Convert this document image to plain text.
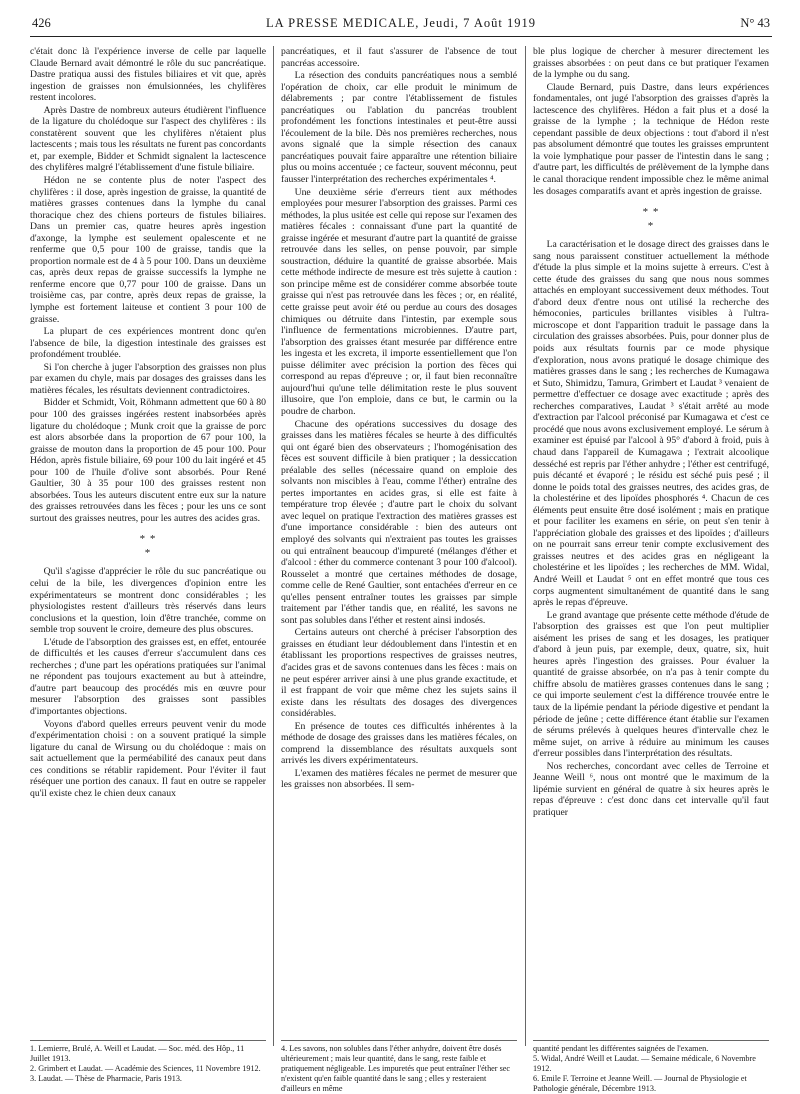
426	LA PRESSE MEDICALE, Jeudi, 7 Août 1919	N° 43

c'était donc là l'expérience inverse de celle par laquelle Claude Bernard avait démontré le rôle du suc pancréatique. Dastre pratiqua aussi des fistules biliaires et vit que, après ingestion de graisses non émulsionnées, les chylifères restent incolores.

Après Dastre de nombreux auteurs étudièrent l'influence de la ligature du cholédoque sur l'aspect des chylifères : ils constatèrent souvent que les chylifères n'étaient plus lactescents ; mais tous les résultats ne furent pas concordants et, par exemple, Bidder et Schmidt signalent la lactescence des chylifères malgré l'établissement d'une fistule biliaire.

Hédon ne se contente plus de noter l'aspect des chylifères : il dose, après ingestion de graisse, la quantité de matières grasses contenues dans la lymphe du canal thoracique chez des chiens porteurs de fistules biliaires. Dans un premier cas, quatre heures après ingestion d'axonge, la lymphe est seulement opalescente et ne renferme que 0,5 pour 100 de graisse, tandis que la proportion normale est de 4 à 5 pour 100. Dans un deuxième cas, après deux repas de graisse successifs la lymphe ne renferme encore que 0,77 pour 100 de graisse. Dans un troisième cas, par contre, après deux repas de graisse, la lymphe est fortement laiteuse et contient 3 pour 100 de graisse.

La plupart de ces expériences montrent donc qu'en l'absence de bile, la digestion intestinale des graisses est profondément troublée.

Si l'on cherche à juger l'absorption des graisses non plus par examen du chyle, mais par dosages des graisses dans les matières fécales, les résultats deviennent contradictoires.

Bidder et Schmidt, Voit, Röhmann admettent que 60 à 80 pour 100 des graisses ingérées restent inabsorbées après ligature du cholédoque ; Munk croit que la graisse de porc est alors absorbée dans la proportion de 67 pour 100, la graisse de mouton dans la proportion de 45 pour 100. Pour Hédon, après fistule biliaire, 69 pour 100 du lait ingéré et 45 pour 100 de l'huile d'olive sont absorbés. Pour René Gaultier, 30 à 35 pour 100 des graisses restent non absorbées. Tous les auteurs discutent entre eux sur la nature des graisses retrouvées dans les fèces ; pour les uns ce sont surtout des graisses neutres, pour les autres des acides gras.

* *
*

Qu'il s'agisse d'apprécier le rôle du suc pancréatique ou celui de la bile, les divergences d'opinion entre les expérimentateurs se montrent donc considérables ; les physiologistes restent d'ailleurs très réservés dans leurs conclusions et la question, loin d'être tranchée, comme on semble trop souvent le croire, demeure des plus obscures.

L'étude de l'absorption des graisses est, en effet, entourée de difficultés et les causes d'erreur s'accumulent dans ces recherches ; d'une part les opérations pratiquées sur l'animal ne répondent pas toujours exactement au but à atteindre, d'autre part beaucoup des procédés mis en œuvre pour mesurer l'absorption des graisses sont passibles d'importantes objections.

Voyons d'abord quelles erreurs peuvent venir du mode d'expérimentation choisi : on a souvent pratiqué la simple ligature du canal de Wirsung ou du cholédoque : mais on sait actuellement que la perméabilité des canaux peut dans ces conditions se rétablir rapidement. Pour l'éviter il faut réséquer une portion des canaux. Il faut en outre se rappeler qu'il existe chez le chien deux canaux

pancréatiques, et il faut s'assurer de l'absence de tout pancréas accessoire.

La résection des conduits pancréatiques nous a semblé l'opération de choix, car elle produit le minimum de délabrements ; par contre l'établissement de fistules pancréatiques ou l'ablation du pancréas troublent profondément les fonctions intestinales et peut-être aussi l'écoulement de la bile. Dès nos premières recherches, nous avons signalé que la simple résection des canaux pancréatiques pouvait faire apparaître une rétention biliaire plus ou moins accentuée ; ce facteur, souvent méconnu, peut fausser l'interprétation des recherches expérimentales ⁴.

Une deuxième série d'erreurs tient aux méthodes employées pour mesurer l'absorption des graisses. Parmi ces méthodes, la plus usitée est celle qui repose sur l'examen des matières fécales : connaissant d'une part la quantité de graisse ingérée et mesurant d'autre part la quantité de graisse retrouvée dans les selles, on pense pouvoir, par simple soustraction, déduire la quantité de graisse absorbée. Mais cette méthode indirecte de mesure est très sujette à caution : son principe même est de considérer comme absorbée toute graisse qui n'est pas retrouvée dans les fèces ; or, en réalité, cette graisse peut avoir été ou perdue au cours des dosages chimiques ou détruite dans l'intestin, par exemple sous l'influence de fermentations microbiennes. D'autre part, l'absorption des graisses étant mesurée par différence entre les ingesta et les excreta, il importe essentiellement que l'on puisse délimiter avec précision la portion des fèces qui correspond au repas d'épreuve ; or, il faut bien reconnaître aujourd'hui qu'une telle délimitation reste le plus souvent illusoire, que l'on emploie, dans ce but, le carmin ou la poudre de charbon.

Chacune des opérations successives du dosage des graisses dans les matières fécales se heurte à des difficultés qui ont égaré bien des observateurs ; l'homogénisation des fèces est souvent difficile à bien pratiquer ; la dessiccation préalable des selles (nécessaire quand on emploie des solvants non miscibles à l'eau, comme l'éther) entraîne des pertes importantes en acides gras, si elle est faite à température trop élevée ; d'autre part le choix du solvant avec lequel on pratique l'extraction des matières grasses est d'une importance considérable : bien des auteurs ont employé des solvants qui n'extraient pas toutes les graisses ou qui entraînent beaucoup d'impureté (mélanges d'éther et d'alcool : éther du commerce contenant 3 pour 100 d'alcool). Rousselet a montré que certaines méthodes de dosage, comme celle de René Gaultier, sont entachées d'erreur en ce qu'elles pensent entraîner toutes les graisses par simple traitement par l'éther tandis que, en réalité, les savons ne sont pas solubles dans l'éther et restent ainsi indosés.

Certains auteurs ont cherché à préciser l'absorption des graisses en étudiant leur dédoublement dans l'intestin et en établissant les proportions respectives de graisses neutres, d'acides gras et de savons contenues dans les fèces : mais on ne peut espérer arriver ainsi à une plus grande exactitude, et il est frappant de voir que même chez les sujets sains il existe dans les résultats des dosages des divergences considérables.

En présence de toutes ces difficultés inhérentes à la méthode de dosage des graisses dans les matières fécales, on comprend la dissemblance des résultats auxquels sont arrivés les divers expérimentateurs.

L'examen des matières fécales ne permet de mesurer que les graisses non absorbées. Il sem-

ble plus logique de chercher à mesurer directement les graisses absorbées : on peut dans ce but pratiquer l'examen de la lymphe ou du sang.

Claude Bernard, puis Dastre, dans leurs expériences fondamentales, ont jugé l'absorption des graisses d'après la lactescence des chylifères. Hédon a fait plus et a dosé la graisse de la lymphe ; la technique de Hédon reste cependant passible de deux objections : tout d'abord il n'est pas absolument démontré que toutes les graisses empruntent la voie lymphatique pour passer de l'intestin dans le sang ; d'autre part, les difficultés de prélèvement de la lymphe dans le canal thoracique rendent impossible chez le même animal les dosages comparatifs avant et après ingestion de graisse.

* *
*

La caractérisation et le dosage direct des graisses dans le sang nous paraissent constituer actuellement la méthode d'étude la plus simple et la moins sujette à erreurs. C'est à cette étude des graisses du sang que nous nous sommes attachés en employant successivement deux méthodes. Tout d'abord deux d'entre nous ont utilisé la recherche des hémoconies, particules brillantes visibles à l'ultra-microscope et dont l'apparition traduit le passage dans la circulation des graisses absorbées. Puis, pour donner plus de poids aux résultats fournis par ce mode physique d'exploration, nous avons pratiqué le dosage chimique des matières grasses dans le sang ; les recherches de Kumagawa et Suto, Shimidzu, Tamura, Grimbert et Laudat ³ venaient de permettre d'effectuer ce dosage avec exactitude ; après des recherches comparatives, Laudat ³ s'était arrêté au mode d'extraction par l'alcool préconisé par Kumagawa et c'est ce procédé que nous avons exclusivement employé. Le sérum à examiner est épuisé par l'alcool à 95° d'abord à froid, puis à chaud dans l'appareil de Kumagawa ; l'extrait alcoolique desséché est repris par l'éther anhydre ; l'éther est centrifugé, puis décanté et évaporé ; le résidu est séché puis pesé ; il donne le poids total des graisses neutres, des acides gras, de la cholestérine et des lipoïdes phosphorés ⁴. Chacun de ces éléments peut ensuite être dosé isolément ; mais en pratique et pour faciliter les examens en série, on peut s'en tenir à l'appréciation globale des graisses et des lipoïdes ; d'ailleurs on ne pourrait sans erreur tenir compte exclusivement des graisses neutres et des acides gras en négligeant la cholestérine et les lipoïdes ; les recherches de MM. Widal, André Weill et Laudat ⁵ ont en effet montré que tous ces corps augmentent simultanément de quantité dans le sang après le repas d'épreuve.

Le grand avantage que présente cette méthode d'étude de l'absorption des graisses est que l'on peut multiplier aisément les prises de sang et les dosages, les pratiquer d'abord à jeun puis, par exemple, deux, quatre, six, huit heures après l'ingestion des graisses. Pour évaluer la quantité de graisse absorbée, on n'a pas à tenir compte du chiffre absolu de matières grasses contenues dans le sang ; ce qui importe seulement c'est la différence trouvée entre le taux de la lipémie pendant la période digestive et pendant la période de jeûne ; cette différence étant établie sur l'examen de sérums prélevés à quelques heures d'intervalle chez le même sujet, on arrive à réduire au minimum les causes d'erreur possibles dans l'interprétation des résultats.

Nos recherches, concordant avec celles de Terroine et Jeanne Weill ⁶, nous ont montré que le maximum de la lipémie survient en général de quatre à six heures après le repas d'épreuve : c'est donc dans cet intervalle qu'il faut pratiquer

1. Lemierre, Brulé, A. Weill et Laudat. — Soc. méd. des Hôp., 11 Juillet 1913.

2. Grimbert et Laudat. — Académie des Sciences, 11 Novembre 1912.

3. Laudat. — Thèse de Pharmacie, Paris 1913.

4. Les savons, non solubles dans l'éther anhydre, doivent être dosés ultérieurement ; mais leur quantité, dans le sang, reste faible et pratiquement négligeable. Les impuretés que peut entraîner l'éther sec n'existent qu'en faible quantité dans le sang ; elles y resteraient d'ailleurs en même

quantité pendant les différentes saignées de l'examen.

5. Widal, André Weill et Laudat. — Semaine médicale, 6 Novembre 1912.

6. Emile F. Terroine et Jeanne Weill. — Journal de Physiologie et Pathologie générale, Décembre 1913.
